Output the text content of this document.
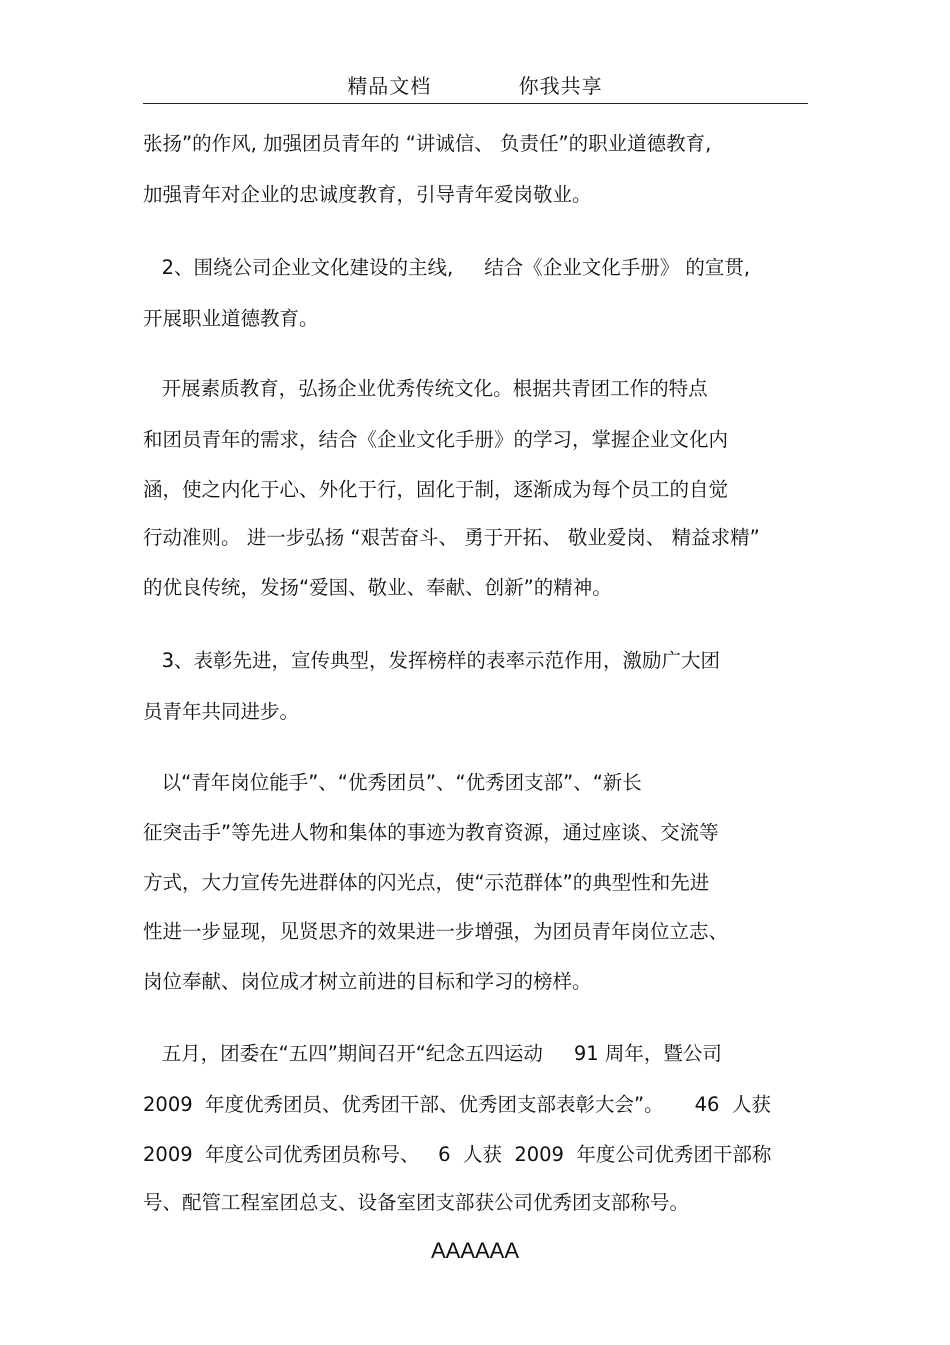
精品文档	你我共享
张扬”的作风, 加强团员青年的 “讲诚信、 负责任”的职业道德教育,
加强青年对企业的忠诚度教育，引导青年爱岗敬业。
2、围绕公司企业文化建设的主线,     结合《企业文化手册》 的宣贯,
开展职业道德教育。
开展素质教育，弘扬企业优秀传统文化。根据共青团工作的特点
和团员青年的需求，结合《企业文化手册》的学习，掌握企业文化内
涵，使之内化于心、外化于行，固化于制，逐渐成为每个员工的自觉
行动准则。 进一步弘扬 “艰苦奋斗、 勇于开拓、 敬业爱岗、 精益求精”
的优良传统，发扬“爱国、敬业、奉献、创新”的精神。
3、表彰先进，宣传典型，发挥榜样的表率示范作用，激励广大团
员青年共同进步。
以“青年岗位能手”、“优秀团员”、“优秀团支部”、“新长
征突击手”等先进人物和集体的事迹为教育资源，通过座谈、交流等
方式，大力宣传先进群体的闪光点，使“示范群体”的典型性和先进
性进一步显现，见贤思齐的效果进一步增强，为团员青年岗位立志、
岗位奉献、岗位成才树立前进的目标和学习的榜样。
五月，团委在“五四”期间召开“纪念五四运动     91 周年，暨公司
2009  年度优秀团员、优秀团干部、优秀团支部表彰大会”。     46  人获
2009  年度公司优秀团员称号、   6  人获  2009  年度公司优秀团干部称
号、配管工程室团总支、设备室团支部获公司优秀团支部称号。
AAAAAA
